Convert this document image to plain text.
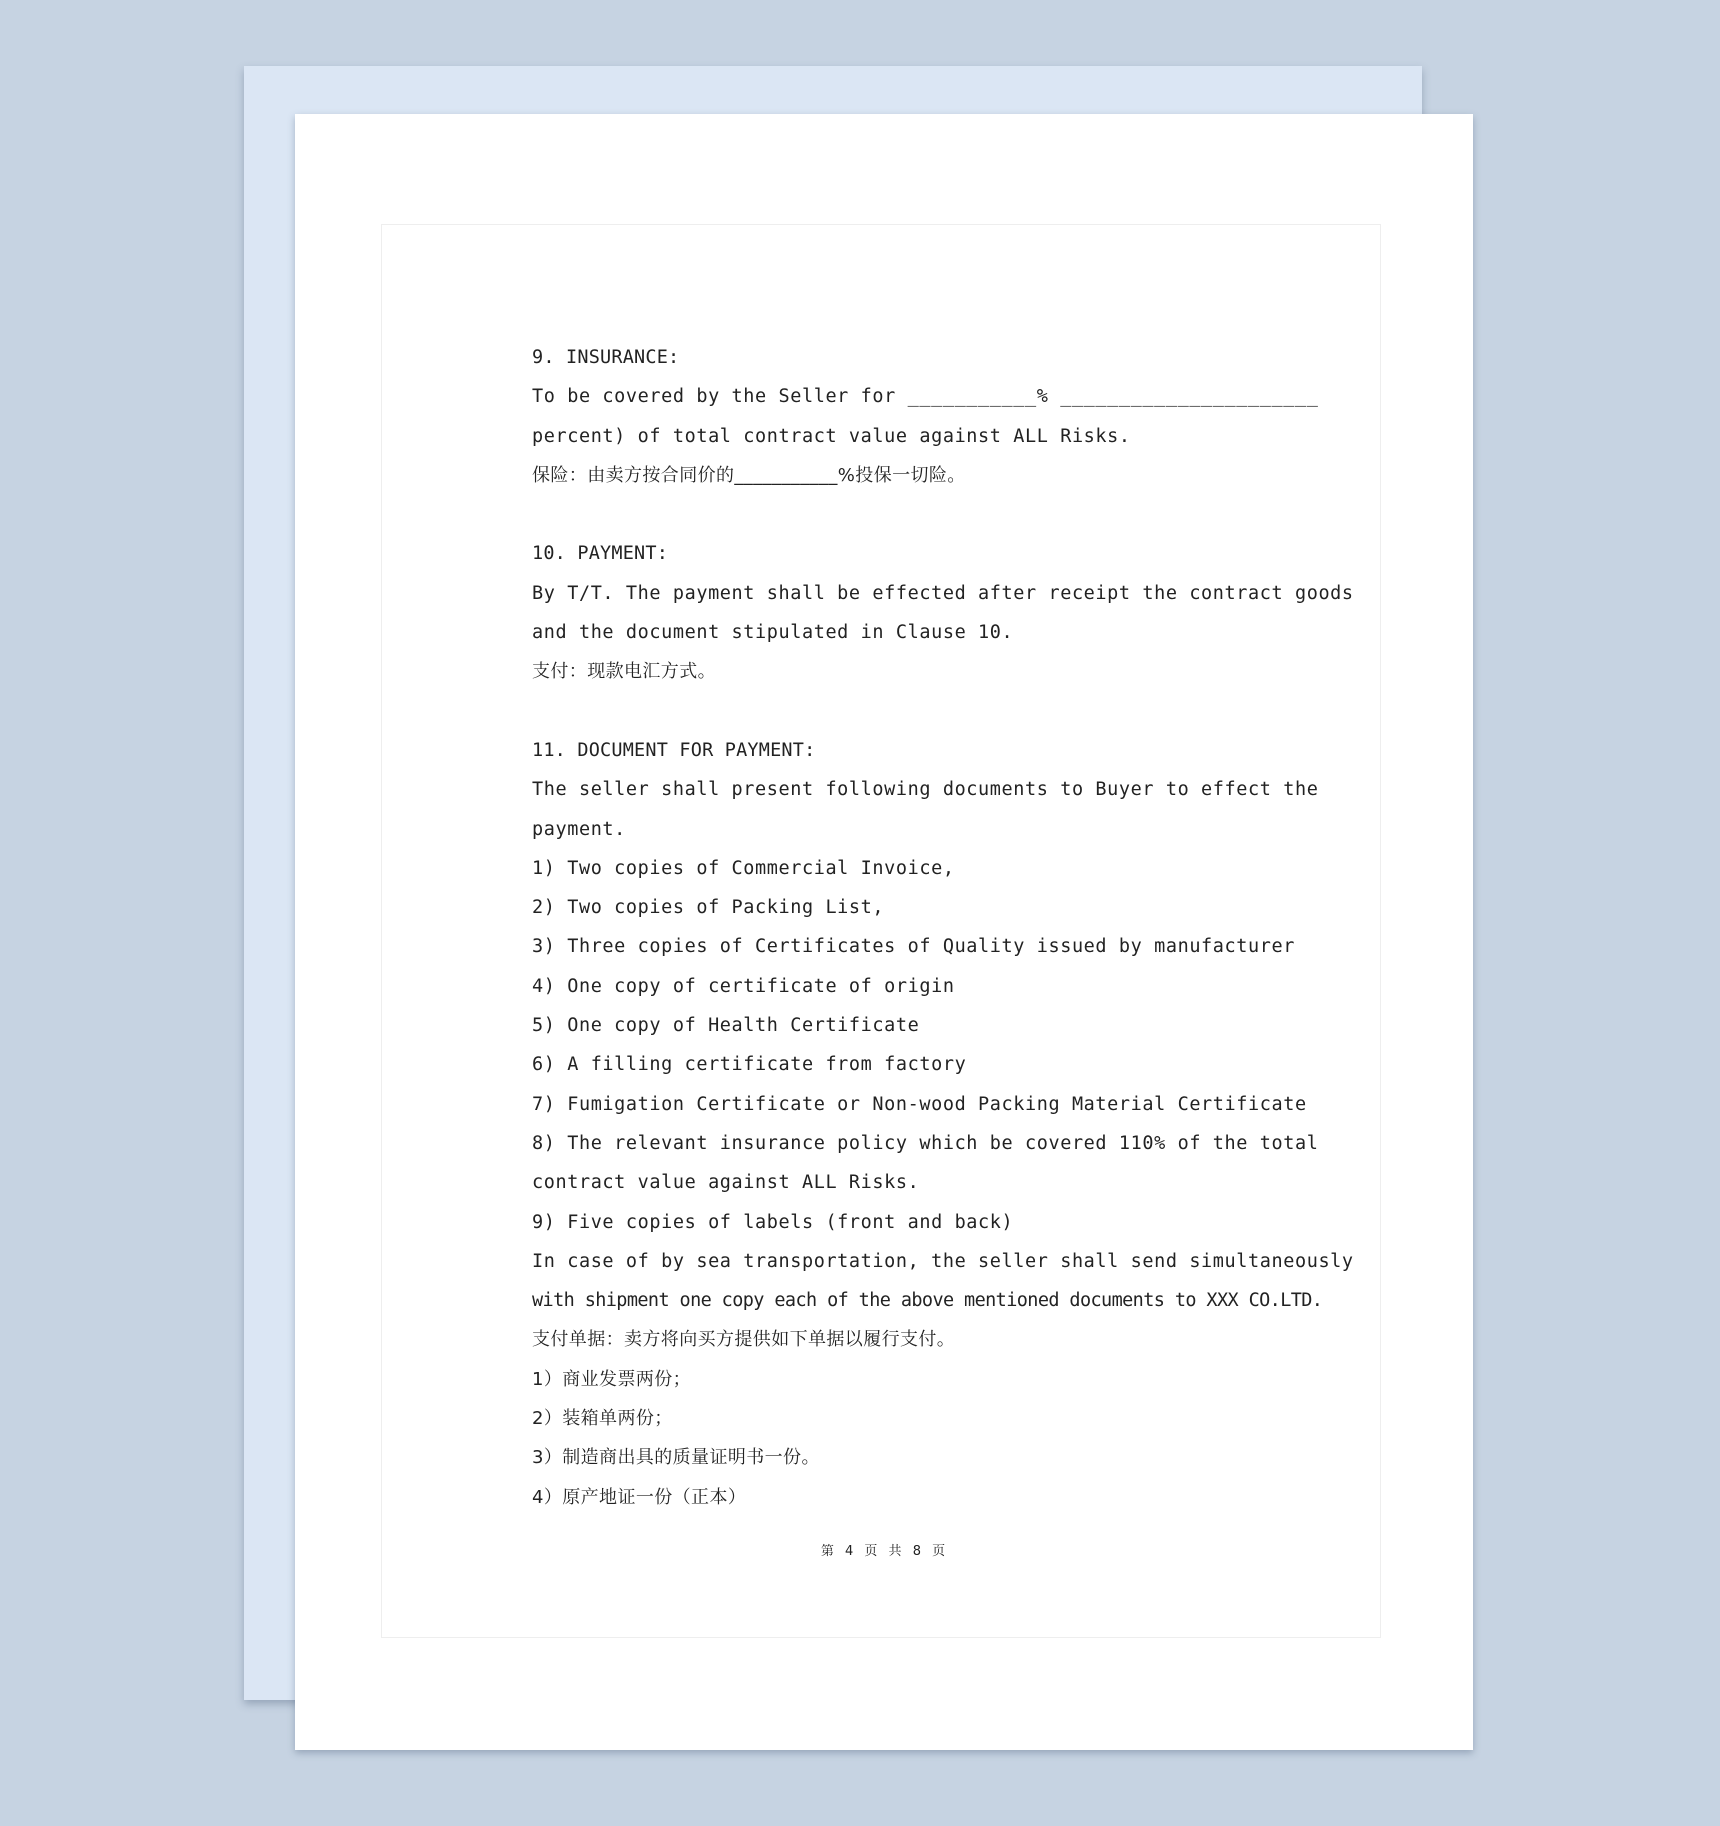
9. INSURANCE:
To be covered by the Seller for ___________% ______________________
percent) of total contract value against ALL Risks.
保险：由卖方按合同价的___________%投保一切险。
10. PAYMENT:
By T/T. The payment shall be effected after receipt the contract goods
and the document stipulated in Clause 10.
支付：现款电汇方式。
11. DOCUMENT FOR PAYMENT:
The seller shall present following documents to Buyer to effect the
payment.
1) Two copies of Commercial Invoice,
2) Two copies of Packing List,
3) Three copies of Certificates of Quality issued by manufacturer
4) One copy of certificate of origin
5) One copy of Health Certificate
6) A filling certificate from factory
7) Fumigation Certificate or Non-wood Packing Material Certificate
8) The relevant insurance policy which be covered 110% of the total
contract value against ALL Risks.
9) Five copies of labels (front and back)
In case of by sea transportation, the seller shall send simultaneously
with shipment one copy each of the above mentioned documents to XXX CO.LTD.
支付单据：卖方将向买方提供如下单据以履行支付。
1）商业发票两份；
2）装箱单两份；
3）制造商出具的质量证明书一份。
4）原产地证一份（正本）
第 4 页 共 8 页
